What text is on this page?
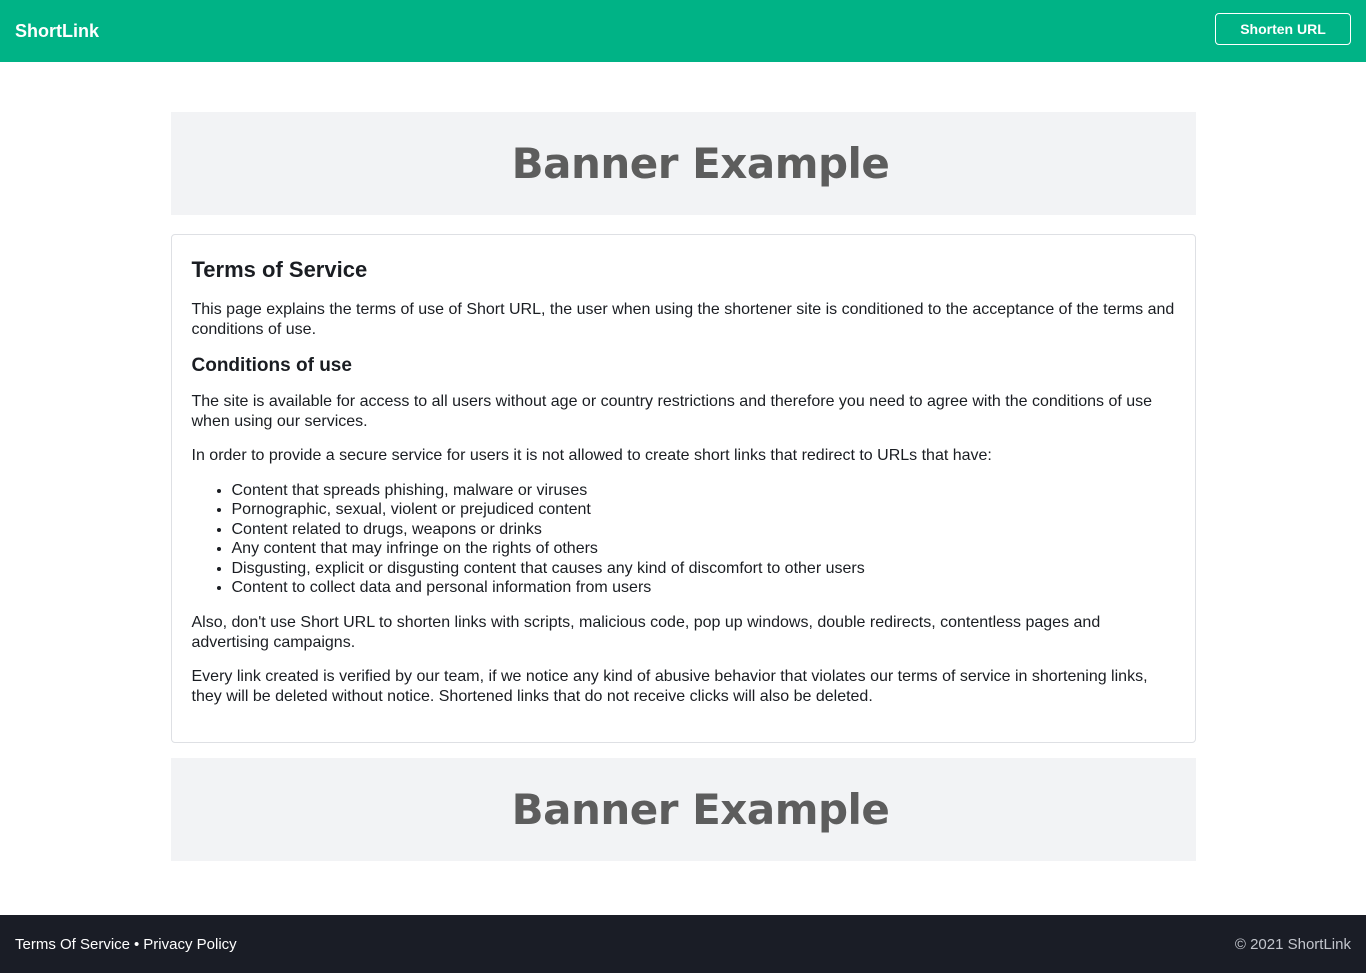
ShortLink	Shorten URL
Banner Example
Terms of Service

This page explains the terms of use of Short URL, the user when using the shortener site is conditioned to the acceptance of the terms and conditions of use.

Conditions of use

The site is available for access to all users without age or country restrictions and therefore you need to agree with the conditions of use when using our services.

In order to provide a secure service for users it is not allowed to create short links that redirect to URLs that have:

• Content that spreads phishing, malware or viruses
• Pornographic, sexual, violent or prejudiced content
• Content related to drugs, weapons or drinks
• Any content that may infringe on the rights of others
• Disgusting, explicit or disgusting content that causes any kind of discomfort to other users
• Content to collect data and personal information from users

Also, don't use Short URL to shorten links with scripts, malicious code, pop up windows, double redirects, contentless pages and advertising campaigns.

Every link created is verified by our team, if we notice any kind of abusive behavior that violates our terms of service in shortening links, they will be deleted without notice. Shortened links that do not receive clicks will also be deleted.

Banner Example
Terms Of Service • Privacy Policy	© 2021 ShortLink
